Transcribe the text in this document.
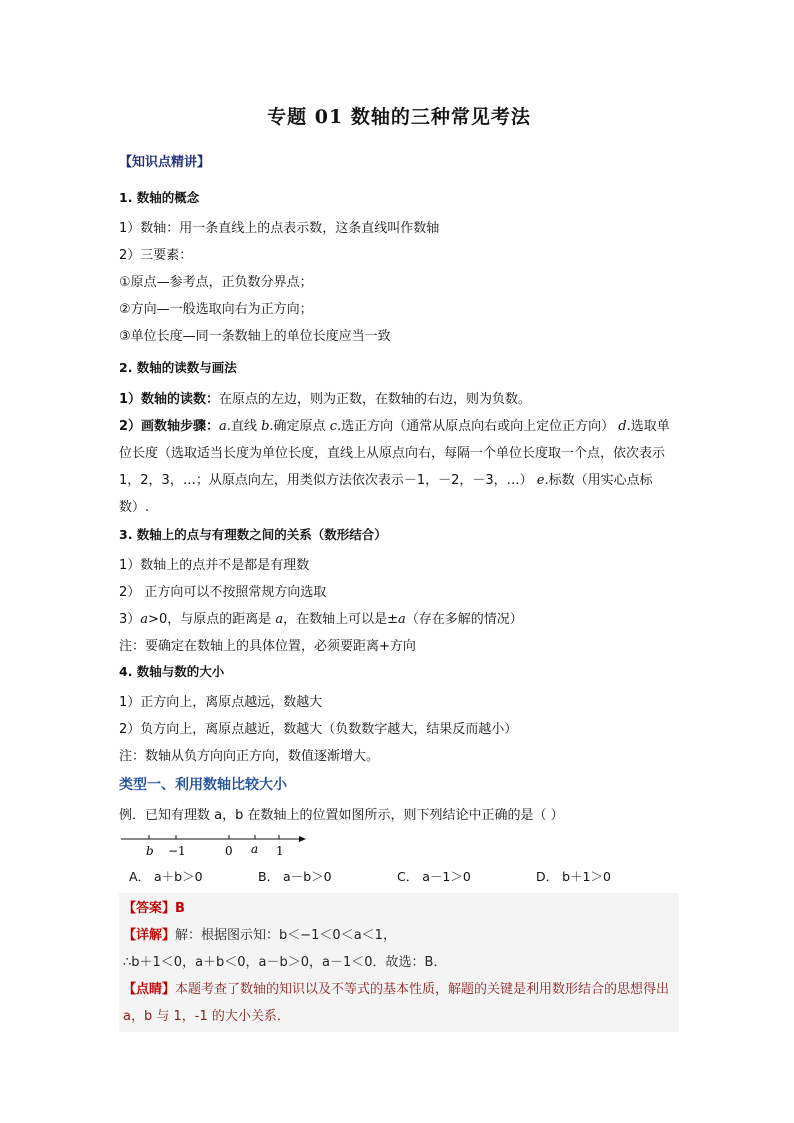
专题 01 数轴的三种常见考法
【知识点精讲】
1. 数轴的概念

1）数轴：用一条直线上的点表示数，这条直线叫作数轴

2）三要素：

①原点—参考点，正负数分界点；

②方向—一般选取向右为正方向；

③单位长度—同一条数轴上的单位长度应当一致

2. 数轴的读数与画法

1）数轴的读数：在原点的左边，则为正数，在数轴的右边，则为负数。

2）画数轴步骤：a.直线 b.确定原点 c.选正方向（通常从原点向右或向上定位正方向） d.选取单位长度（选取适当长度为单位长度，直线上从原点向右，每隔一个单位长度取一个点，依次表示 1，2，3，…；从原点向左，用类似方法依次表示－1，－2，－3，…） e.标数（用实心点标数）.

3. 数轴上的点与有理数之间的关系（数形结合）

1）数轴上的点并不是都是有理数

2） 正方向可以不按照常规方向选取

3）a>0，与原点的距离是 a，在数轴上可以是±a（存在多解的情况）

注：要确定在数轴上的具体位置，必须要距离+方向

4. 数轴与数的大小

1）正方向上，离原点越远，数越大

2）负方向上，离原点越近，数越大（负数数字越大，结果反而越小）

注：数轴从负方向向正方向，数值逐渐增大。

类型一、利用数轴比较大小

例．已知有理数 a，b 在数轴上的位置如图所示，则下列结论中正确的是（ ）

b −1	0 a 1
A． a＋b＞0	B． a－b＞0	C． a－1＞0	D． b＋1＞0

【答案】B

【详解】解：根据图示知：b＜−1＜0＜a＜1，

∴b＋1＜0，a＋b＜0，a－b＞0，a－1＜0．故选：B．

【点睛】本题考查了数轴的知识以及不等式的基本性质，解题的关键是利用数形结合的思想得出 a，b 与 1，-1 的大小关系．
